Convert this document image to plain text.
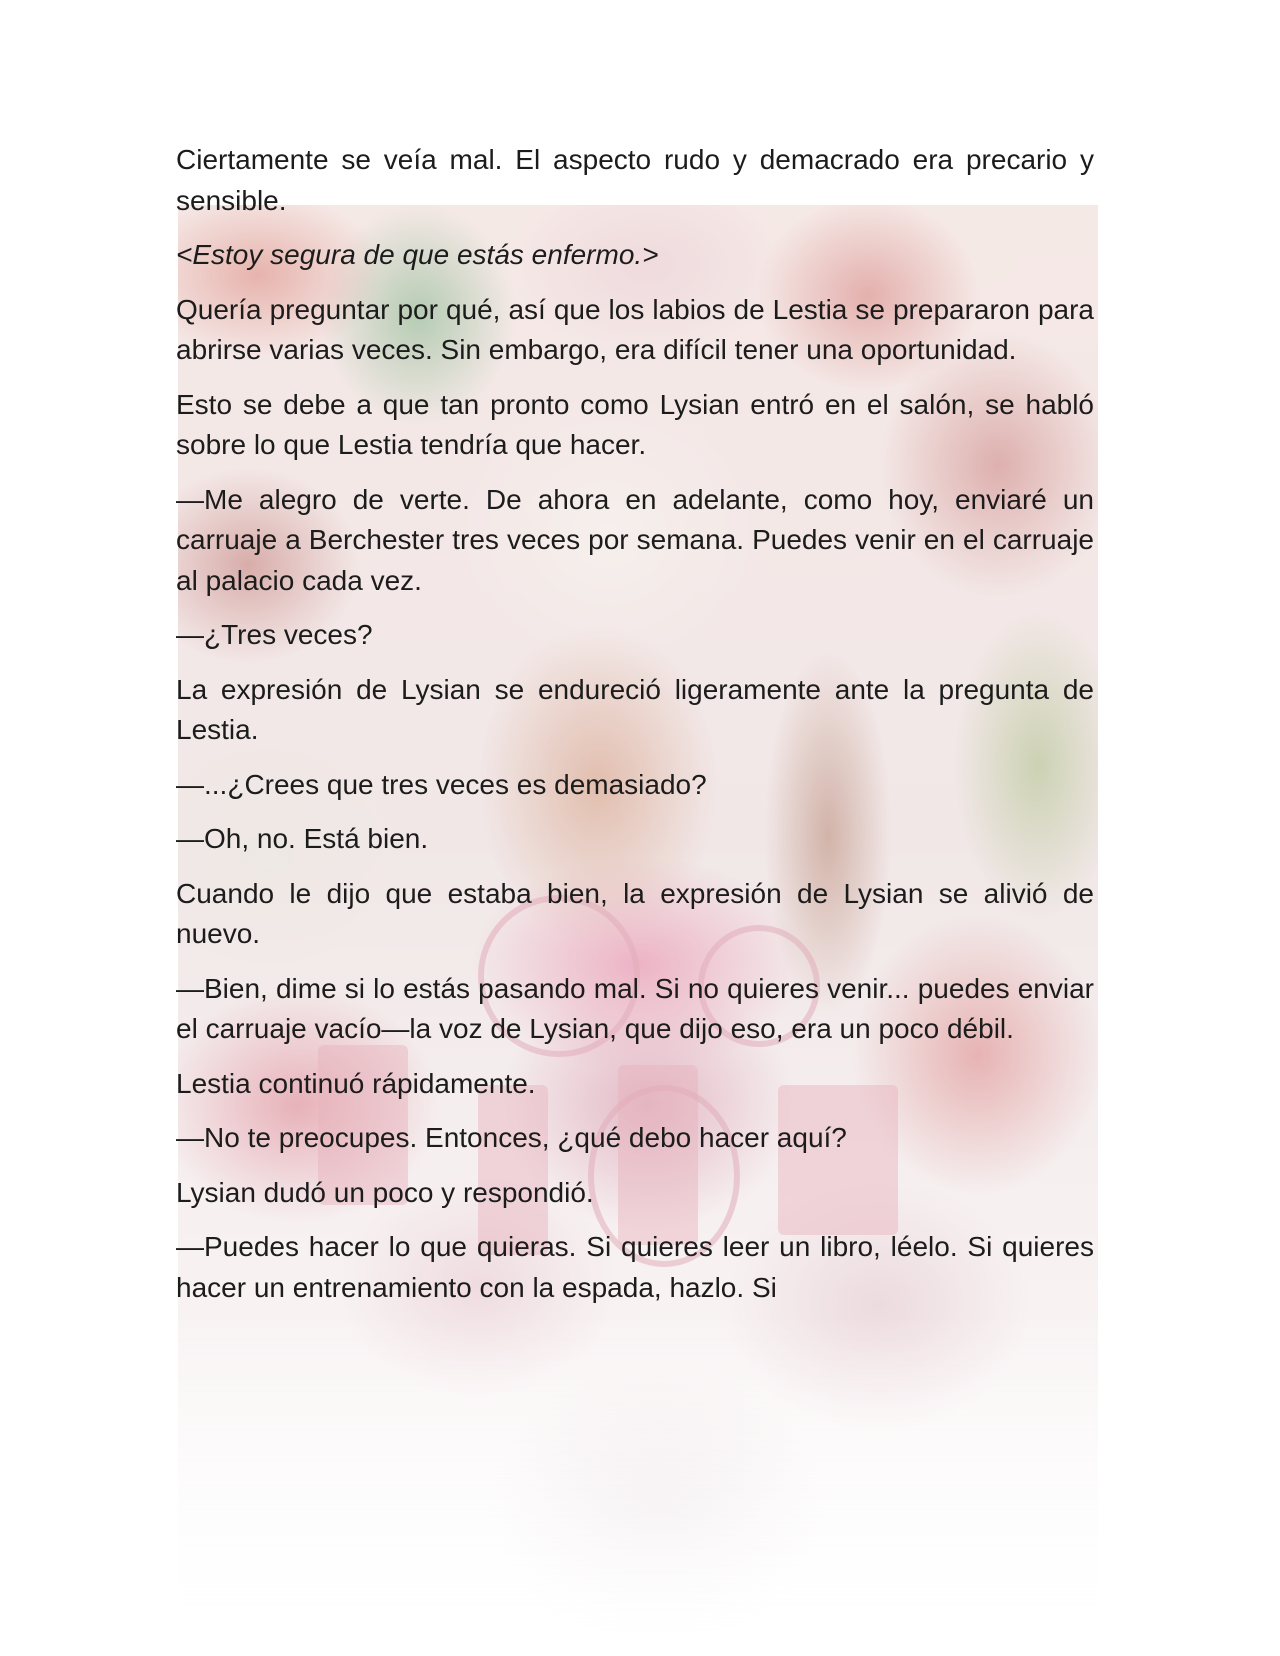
Ciertamente se veía mal. El aspecto rudo y demacrado era precario y sensible.

<Estoy segura de que estás enfermo.>

Quería preguntar por qué, así que los labios de Lestia se prepararon para abrirse varias veces. Sin embargo, era difícil tener una oportunidad.

Esto se debe a que tan pronto como Lysian entró en el salón, se habló sobre lo que Lestia tendría que hacer.

—Me alegro de verte. De ahora en adelante, como hoy, enviaré un carruaje a Berchester tres veces por semana. Puedes venir en el carruaje al palacio cada vez.

—¿Tres veces?

La expresión de Lysian se endureció ligeramente ante la pregunta de Lestia.

—...¿Crees que tres veces es demasiado?

—Oh, no. Está bien.

Cuando le dijo que estaba bien, la expresión de Lysian se alivió de nuevo.

—Bien, dime si lo estás pasando mal. Si no quieres venir... puedes enviar el carruaje vacío—la voz de Lysian, que dijo eso, era un poco débil.

Lestia continuó rápidamente.

—No te preocupes. Entonces, ¿qué debo hacer aquí?

Lysian dudó un poco y respondió.

—Puedes hacer lo que quieras. Si quieres leer un libro, léelo. Si quieres hacer un entrenamiento con la espada, hazlo. Si
